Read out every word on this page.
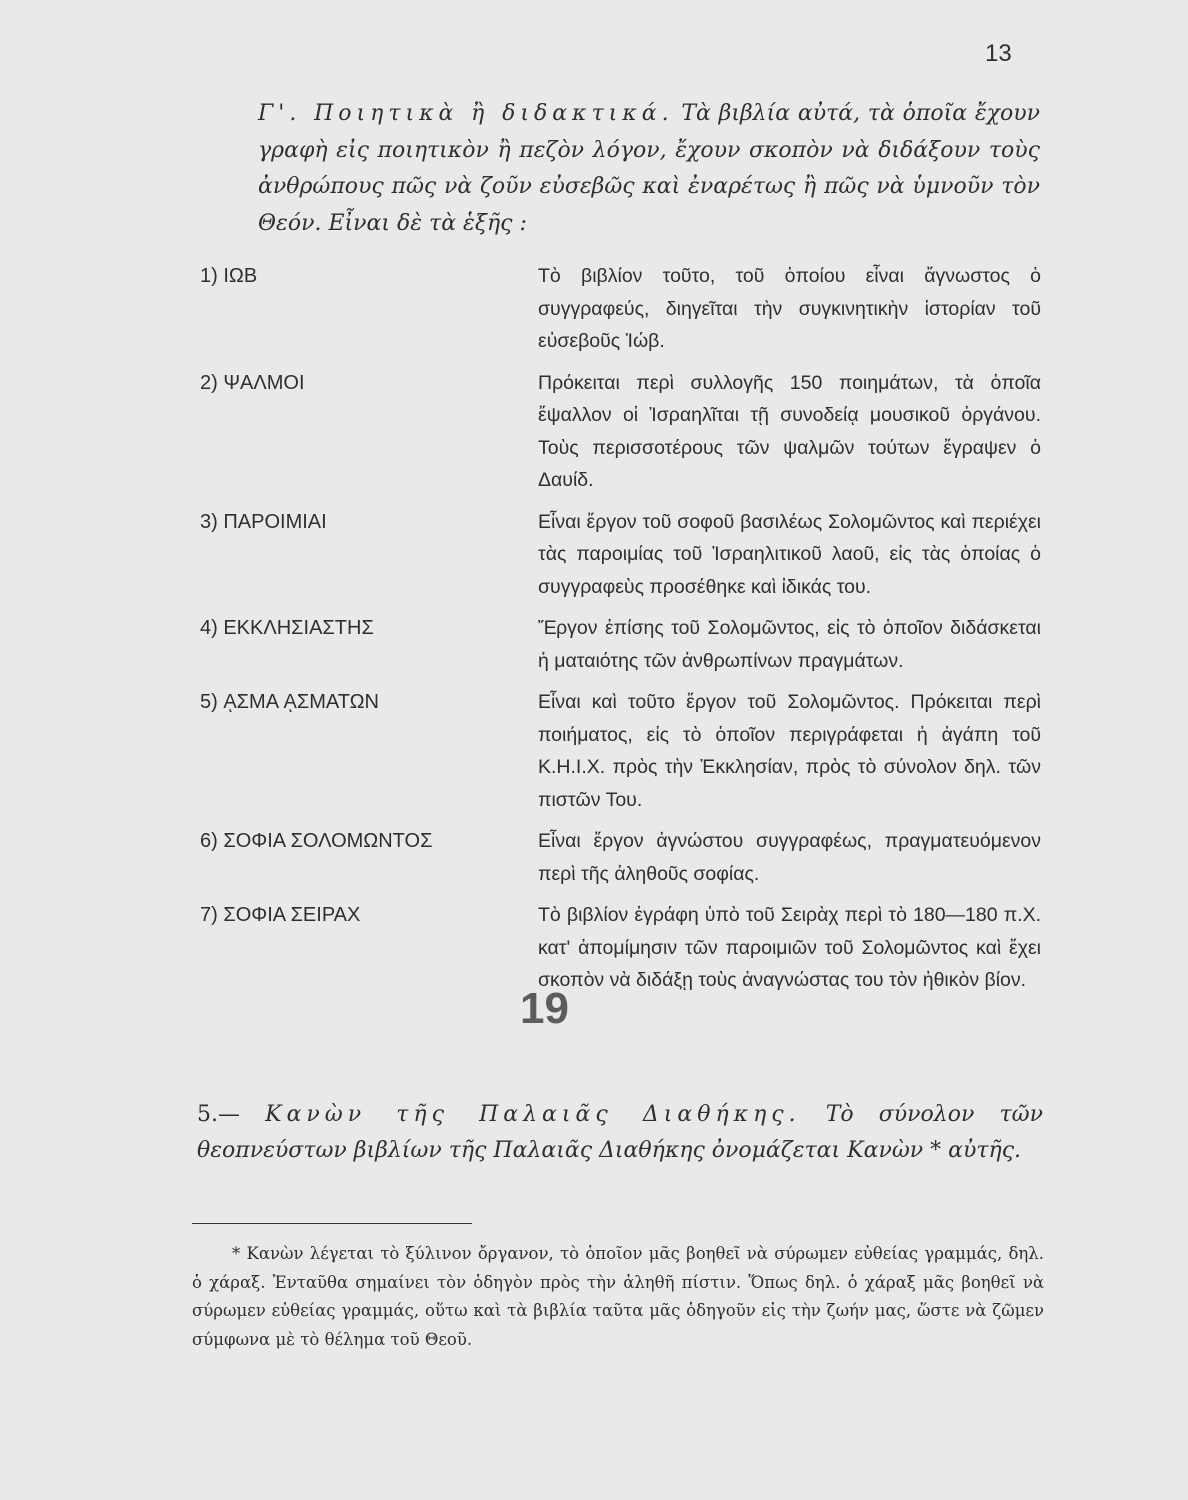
13

Γ'. Ποιητικὰ ἢ διδακτικά. Τὰ βιβλία αὐτά, τὰ ὁποῖα ἔχουν γραφὴ εἰς ποιητικὸν ἢ πεζὸν λόγον, ἔχουν σκοπὸν νὰ διδάξουν τοὺς ἀνθρώπους πῶς νὰ ζοῦν εὐσεβῶς καὶ ἐναρέτως ἢ πῶς νὰ ὑμνοῦν τὸν Θεόν. Εἶναι δὲ τὰ ἑξῆς :

1) ΙΩΒ	Τὸ βιβλίον τοῦτο, τοῦ ὁποίου εἶναι ἄγνωστος ὁ συγγραφεύς, διηγεῖται τὴν συγκινητικὴν ἱστορίαν τοῦ εὐσεβοῦς Ἰώβ.
2) ΨΑΛΜΟΙ	Πρόκειται περὶ συλλογῆς 150 ποιημάτων, τὰ ὁποῖα ἔψαλλον οἱ Ἰσραηλῖται τῇ συνοδείᾳ μουσικοῦ ὀργάνου. Τοὺς περισσοτέρους τῶν ψαλμῶν τούτων ἔγραψεν ὁ Δαυίδ.
3) ΠΑΡΟΙΜΙΑΙ	Εἶναι ἔργον τοῦ σοφοῦ βασιλέως Σολομῶντος καὶ περιέχει τὰς παροιμίας τοῦ Ἰσραηλιτικοῦ λαοῦ, εἰς τὰς ὁποίας ὁ συγγραφεὺς προσέθηκε καὶ ἰδικάς του.
4) ΕΚΚΛΗΣΙΑΣΤΗΣ	Ἔργον ἐπίσης τοῦ Σολομῶντος, εἰς τὸ ὁποῖον διδάσκεται ἡ ματαιότης τῶν ἀνθρωπίνων πραγμάτων.
5) ᾼΣΜΑ ᾼΣΜΑΤΩΝ	Εἶναι καὶ τοῦτο ἔργον τοῦ Σολομῶντος. Πρόκειται περὶ ποιήματος, εἰς τὸ ὁποῖον περιγράφεται ἡ ἀγάπη τοῦ Κ.Η.Ι.Χ. πρὸς τὴν Ἐκκλησίαν, πρὸς τὸ σύνολον δηλ. τῶν πιστῶν Του.
6) ΣΟΦΙΑ ΣΟΛΟΜΩΝΤΟΣ	Εἶναι ἔργον ἀγνώστου συγγραφέως, πραγματευόμενον περὶ τῆς ἀληθοῦς σοφίας.
7) ΣΟΦΙΑ ΣΕΙΡΑΧ	Τὸ βιβλίον ἐγράφη ὑπὸ τοῦ Σειρὰχ περὶ τὸ 180—180 π.Χ. κατ' ἀπομίμησιν τῶν παροιμιῶν τοῦ Σολομῶντος καὶ ἔχει σκοπὸν νὰ διδάξῃ τοὺς ἀναγνώστας του τὸν ἠθικὸν βίον.
19
5.— Κανὼν τῆς Παλαιᾶς Διαθήκης. Τὸ σύνολον τῶν θεοπνεύστων βιβλίων τῆς Παλαιᾶς Διαθήκης ὀνομάζεται Κανὼν * αὐτῆς.
* Κανὼν λέγεται τὸ ξύλινον ὄργανον, τὸ ὁποῖον μᾶς βοηθεῖ νὰ σύρωμεν εὐθείας γραμμάς, δηλ. ὁ χάραξ. Ἐνταῦθα σημαίνει τὸν ὁδηγὸν πρὸς τὴν ἀληθῆ πίστιν. Ὅπως δηλ. ὁ χάραξ μᾶς βοηθεῖ νὰ σύρωμεν εὐθείας γραμμάς, οὕτω καὶ τὰ βιβλία ταῦτα μᾶς ὁδηγοῦν εἰς τὴν ζωήν μας, ὥστε νὰ ζῶμεν σύμφωνα μὲ τὸ θέλημα τοῦ Θεοῦ.
